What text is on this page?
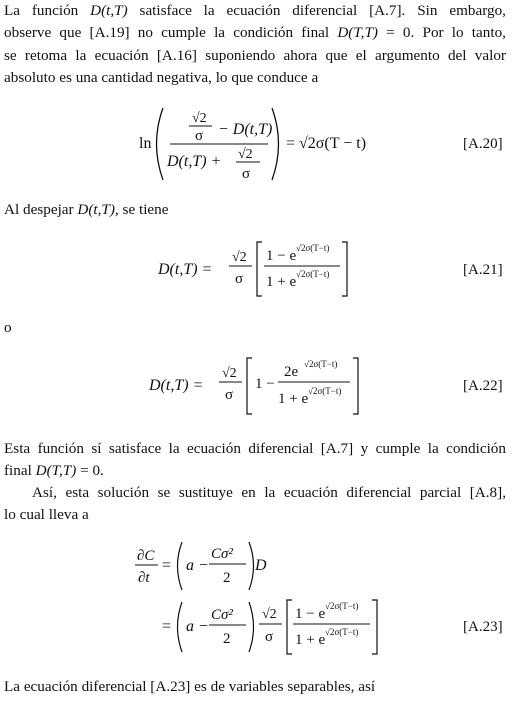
La función D(t,T) satisface la ecuación diferencial [A.7]. Sin embargo,
observe que [A.19] no cumple la condición final D(T,T) = 0. Por lo tanto,
se retoma la ecuación [A.16] suponiendo ahora que el argumento del valor
absoluto es una cantidad negativa, lo que conduce a
ln
√2
σ − D(t,T)
D(t,T) + √2
σ
= √2σ(T − t)	[A.20]
Al despejar D(t,T), se tiene
D(t,T) =
√2
σ
1 − e √2σ(T−t)
1 + e √2σ(T−t)	[A.21]
o
D(t,T) =
√2
σ
1 −
2e √2σ(T−t)
1 + e √2σ(T−t)	[A.22]
Esta función sí satisface la ecuación diferencial [A.7] y cumple la condición
final D(T,T) = 0.
Así, esta solución se sustituye en la ecuación diferencial parcial [A.8],
lo cual lleva a
∂C
∂t
= a −
Cσ²
2
D
= a −
Cσ²
2
√2
σ
1 − e √2σ(T−t)
1 + e √2σ(T−t)	[A.23]
La ecuación diferencial [A.23] es de variables separables, así
